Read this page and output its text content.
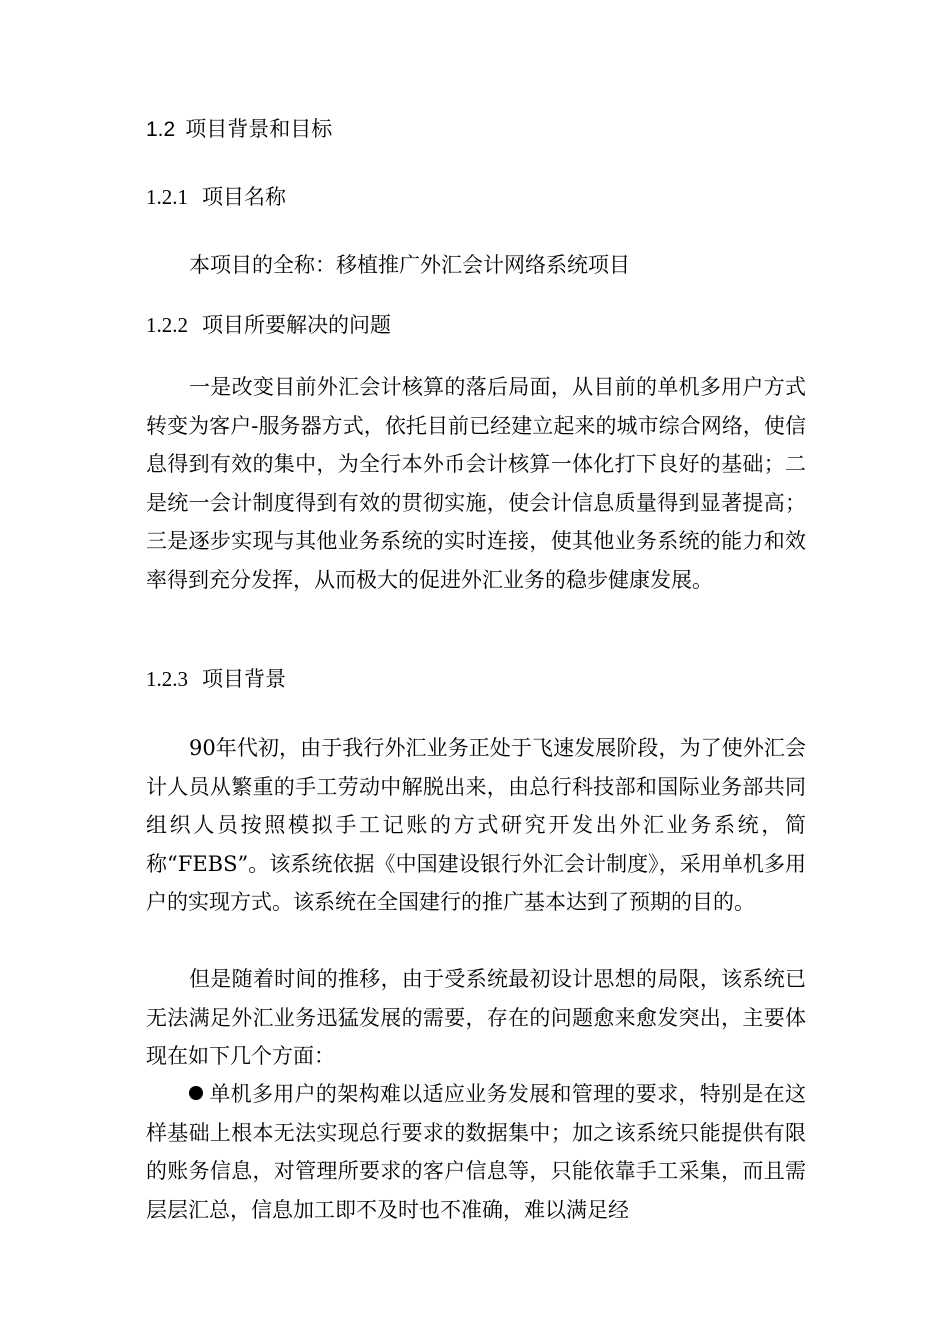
1.2 项目背景和目标
1.2.1 项目名称

本项目的全称：移植推广外汇会计网络系统项目

1.2.2 项目所要解决的问题

一是改变目前外汇会计核算的落后局面，从目前的单机多用户方式转变为客户-服务器方式，依托目前已经建立起来的城市综合网络，使信息得到有效的集中，为全行本外币会计核算一体化打下良好的基础；二是统一会计制度得到有效的贯彻实施，使会计信息质量得到显著提高；三是逐步实现与其他业务系统的实时连接，使其他业务系统的能力和效率得到充分发挥，从而极大的促进外汇业务的稳步健康发展。

1.2.3 项目背景

90年代初，由于我行外汇业务正处于飞速发展阶段，为了使外汇会计人员从繁重的手工劳动中解脱出来，由总行科技部和国际业务部共同组织人员按照模拟手工记账的方式研究开发出外汇业务系统，简称“FEBS”。该系统依据《中国建设银行外汇会计制度》，采用单机多用户的实现方式。该系统在全国建行的推广基本达到了预期的目的。

但是随着时间的推移，由于受系统最初设计思想的局限，该系统已无法满足外汇业务迅猛发展的需要，存在的问题愈来愈发突出，主要体现在如下几个方面：

单机多用户的架构难以适应业务发展和管理的要求，特别是在这样基础上根本无法实现总行要求的数据集中；加之该系统只能提供有限的账务信息，对管理所要求的客户信息等，只能依靠手工采集，而且需层层汇总，信息加工即不及时也不准确，难以满足经
